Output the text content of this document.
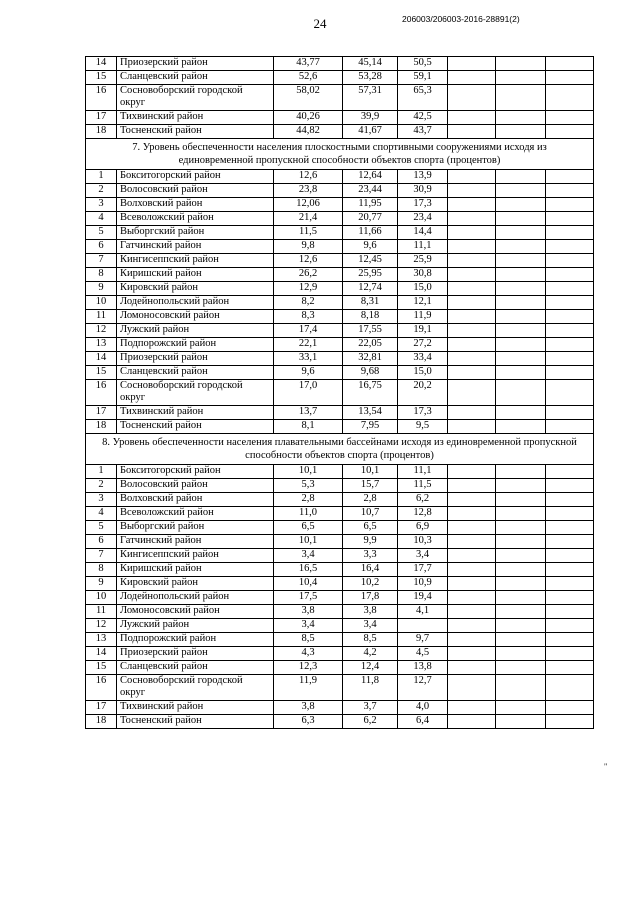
24	206003/206003-2016-28891(2)
14	Приозерский район	43,77	45,14	50,5			
15	Сланцевский район	52,6	53,28	59,1			
16	Сосновоборский городской округ	58,02	57,31	65,3			
17	Тихвинский район	40,26	39,9	42,5			
18	Тосненский район	44,82	41,67	43,7			
7. Уровень обеспеченности населения плоскостными спортивными сооружениями исходя из единовременной пропускной способности объектов спорта (процентов)							
1	Бокситогорский район	12,6	12,64	13,9			
2	Волосовский район	23,8	23,44	30,9			
3	Волховский район	12,06	11,95	17,3			
4	Всеволожский район	21,4	20,77	23,4			
5	Выборгский район	11,5	11,66	14,4			
6	Гатчинский район	9,8	9,6	11,1			
7	Кингисеппский район	12,6	12,45	25,9			
8	Киришский район	26,2	25,95	30,8			
9	Кировский район	12,9	12,74	15,0			
10	Лодейнопольский район	8,2	8,31	12,1			
11	Ломоносовский район	8,3	8,18	11,9			
12	Лужский район	17,4	17,55	19,1			
13	Подпорожский район	22,1	22,05	27,2			
14	Приозерский район	33,1	32,81	33,4			
15	Сланцевский район	9,6	9,68	15,0			
16	Сосновоборский городской округ	17,0	16,75	20,2			
17	Тихвинский район	13,7	13,54	17,3			
18	Тосненский район	8,1	7,95	9,5			
8. Уровень обеспеченности населения плавательными бассейнами исходя из единовременной пропускной способности объектов спорта (процентов)							
1	Бокситогорский район	10,1	10,1	11,1			
2	Волосовский район	5,3	15,7	11,5			
3	Волховский район	2,8	2,8	6,2			
4	Всеволожский район	11,0	10,7	12,8			
5	Выборгский район	6,5	6,5	6,9			
6	Гатчинский район	10,1	9,9	10,3			
7	Кингисеппский район	3,4	3,3	3,4			
8	Киришский район	16,5	16,4	17,7			
9	Кировский район	10,4	10,2	10,9			
10	Лодейнопольский район	17,5	17,8	19,4			
11	Ломоносовский район	3,8	3,8	4,1			
12	Лужский район	3,4	3,4				
13	Подпорожский район	8,5	8,5	9,7			
14	Приозерский район	4,3	4,2	4,5			
15	Сланцевский район	12,3	12,4	13,8			
16	Сосновоборский городской округ	11,9	11,8	12,7			
17	Тихвинский район	3,8	3,7	4,0			
18	Тосненский район	6,3	6,2	6,4			
"
